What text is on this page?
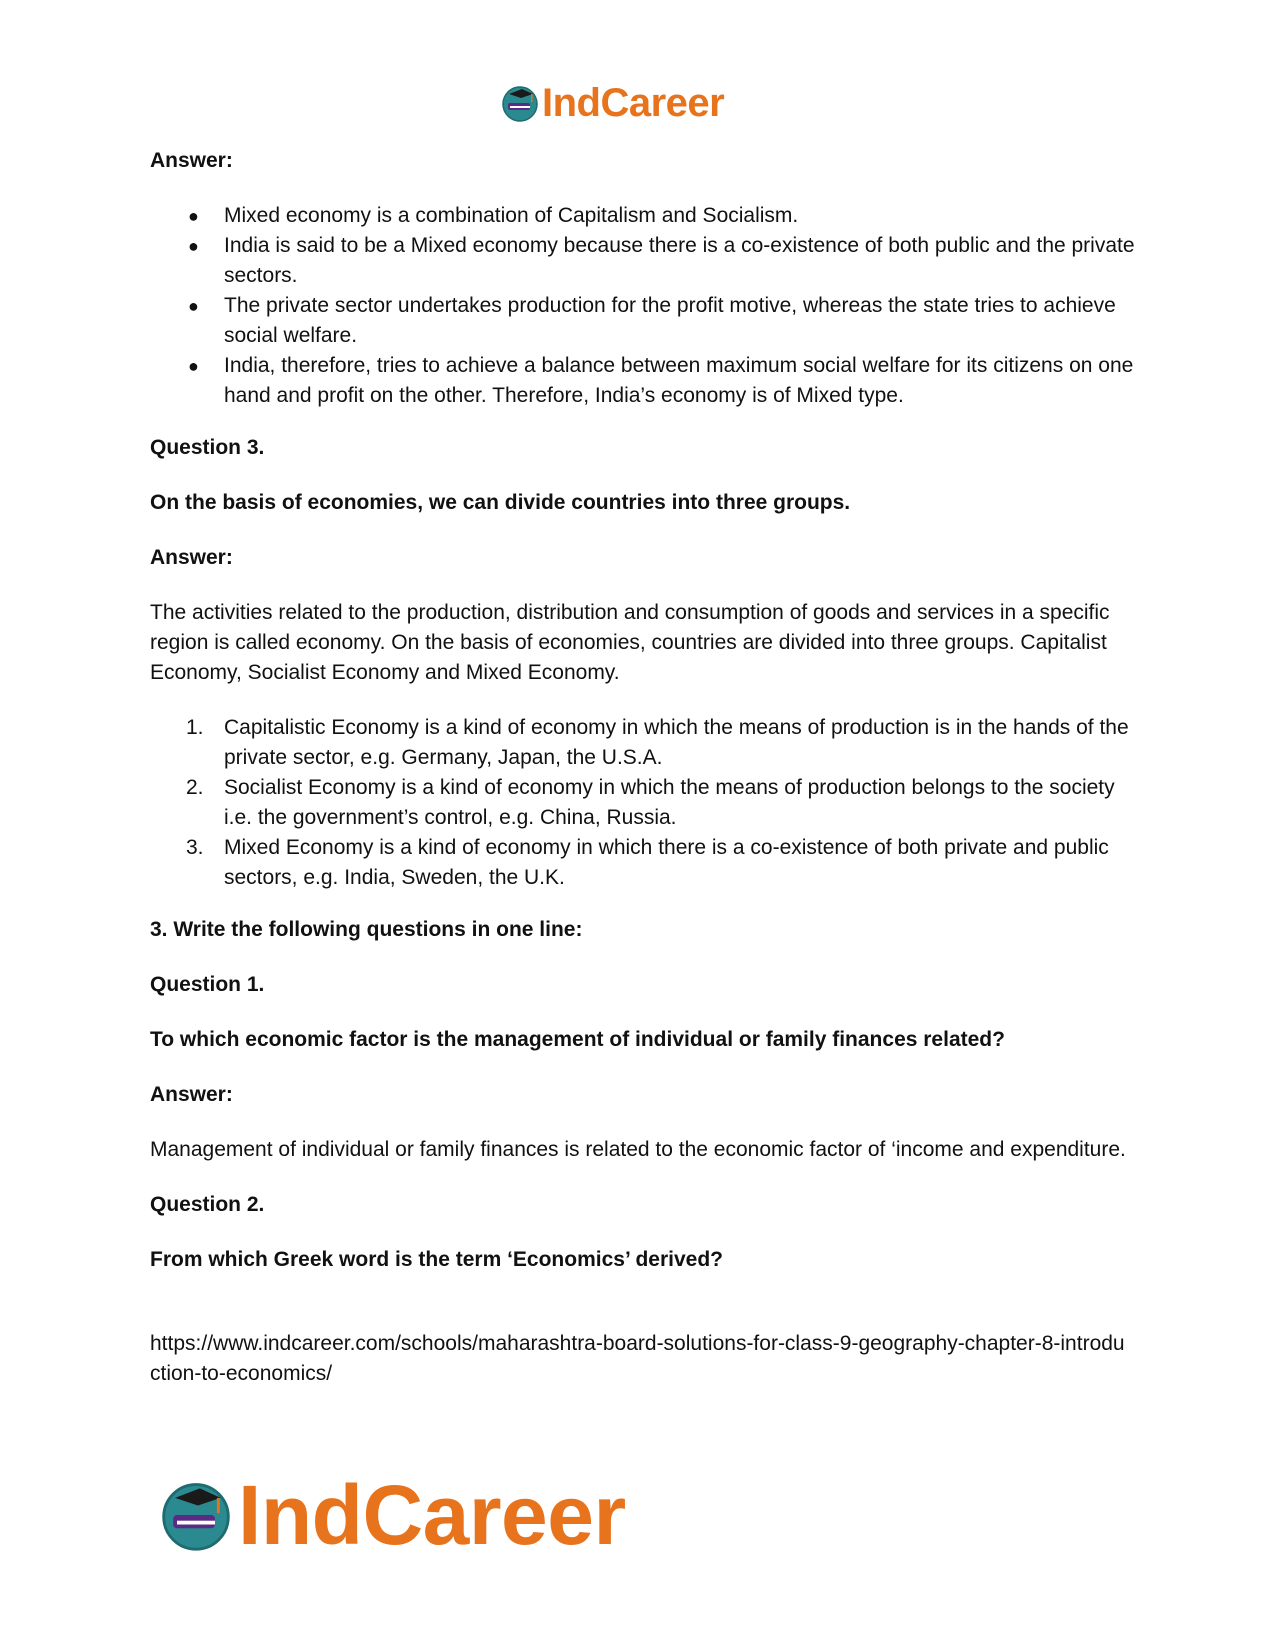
IndCareer
Answer:
● Mixed economy is a combination of Capitalism and Socialism.
● India is said to be a Mixed economy because there is a co-existence of both public and the private sectors.
● The private sector undertakes production for the profit motive, whereas the state tries to achieve social welfare.
● India, therefore, tries to achieve a balance between maximum social welfare for its citizens on one hand and profit on the other. Therefore, India’s economy is of Mixed type.
Question 3.
On the basis of economies, we can divide countries into three groups.
Answer:
The activities related to the production, distribution and consumption of goods and services in a specific region is called economy. On the basis of economies, countries are divided into three groups. Capitalist Economy, Socialist Economy and Mixed Economy.
1. Capitalistic Economy is a kind of economy in which the means of production is in the hands of the private sector, e.g. Germany, Japan, the U.S.A.
2. Socialist Economy is a kind of economy in which the means of production belongs to the society i.e. the government’s control, e.g. China, Russia.
3. Mixed Economy is a kind of economy in which there is a co-existence of both private and public sectors, e.g. India, Sweden, the U.K.
3. Write the following questions in one line:
Question 1.
To which economic factor is the management of individual or family finances related?
Answer:
Management of individual or family finances is related to the economic factor of ‘income and expenditure.
Question 2.
From which Greek word is the term ‘Economics’ derived?
https://www.indcareer.com/schools/maharashtra-board-solutions-for-class-9-geography-chapter-8-introduction-to-economics/
IndCareer
